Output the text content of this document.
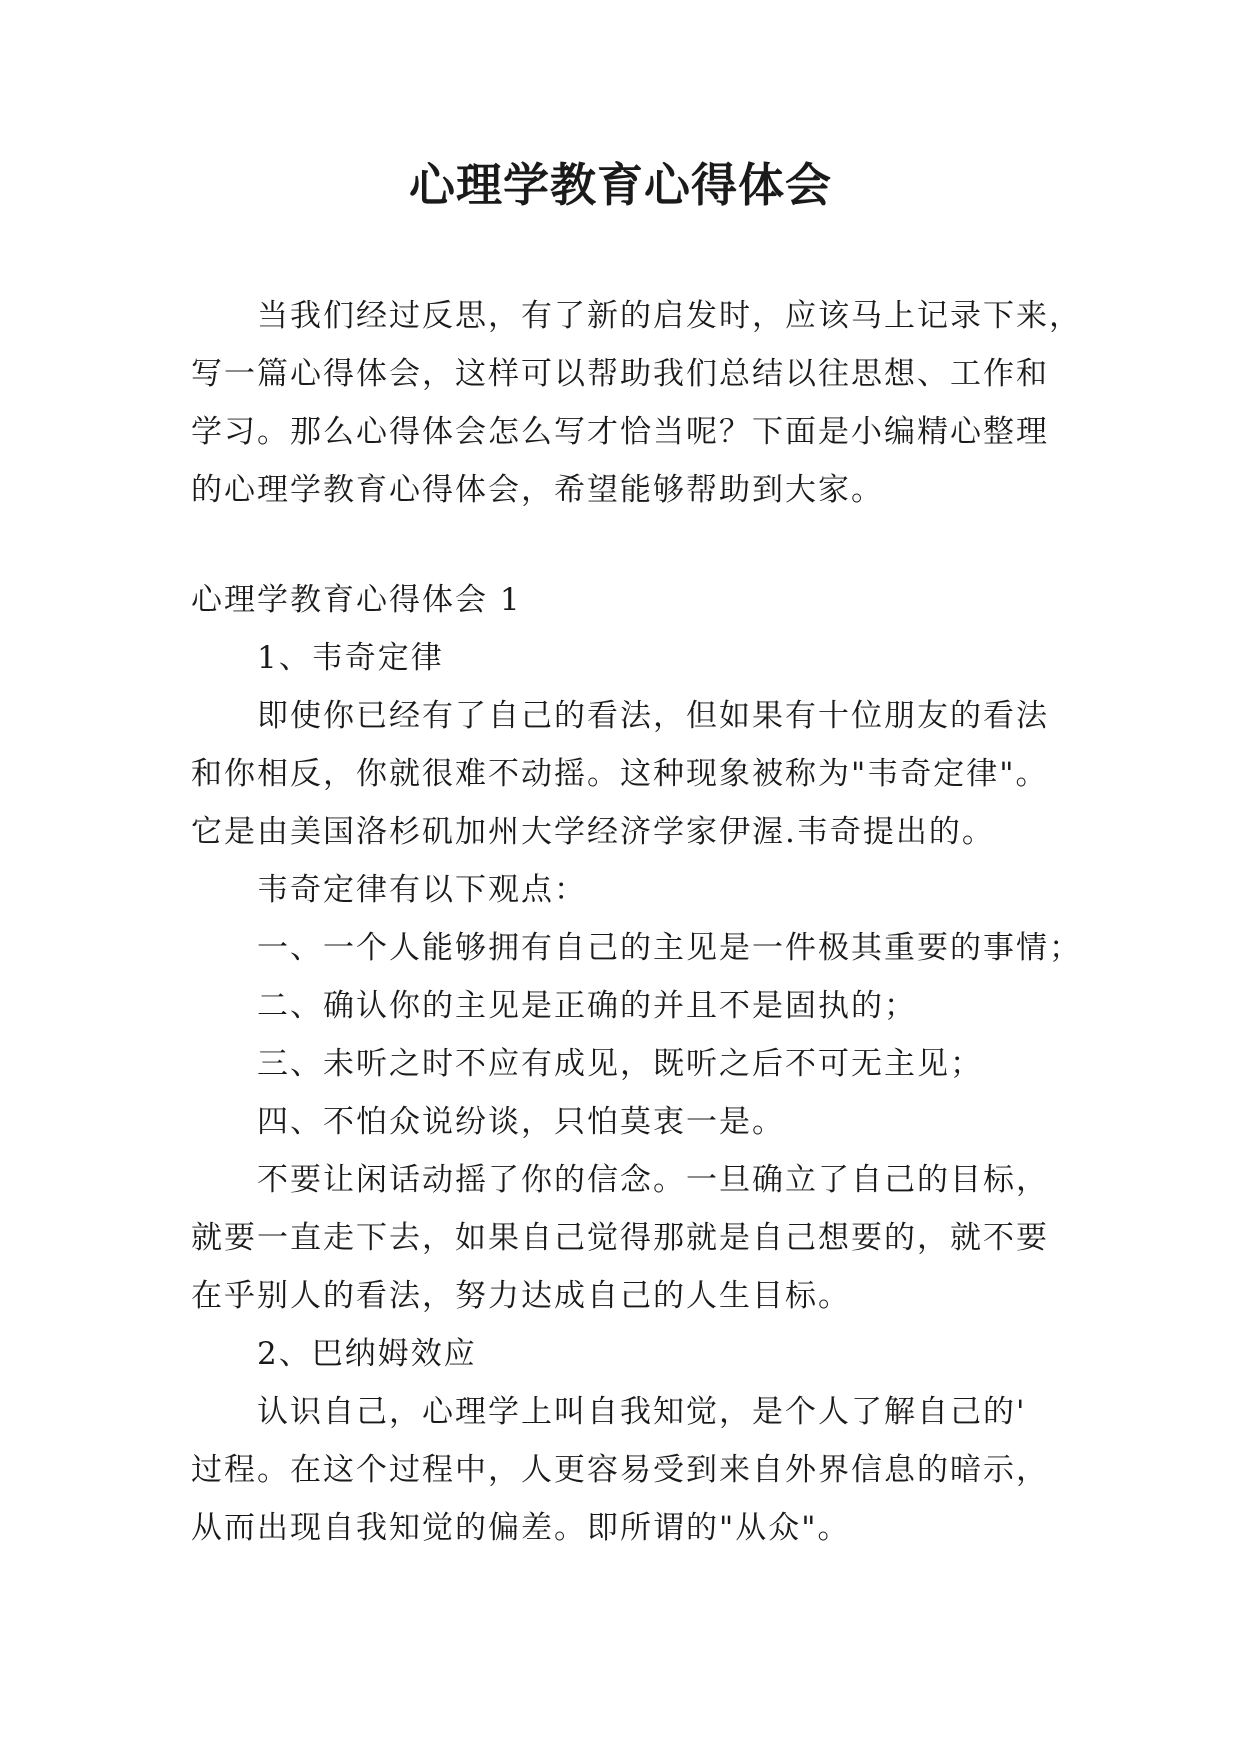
心理学教育心得体会
当我们经过反思，有了新的启发时，应该马上记录下来，
写一篇心得体会，这样可以帮助我们总结以往思想、工作和
学习。那么心得体会怎么写才恰当呢？下面是小编精心整理
的心理学教育心得体会，希望能够帮助到大家。
心理学教育心得体会 1
1、韦奇定律
即使你已经有了自己的看法，但如果有十位朋友的看法
和你相反，你就很难不动摇。这种现象被称为"韦奇定律"。
它是由美国洛杉矶加州大学经济学家伊渥.韦奇提出的。
韦奇定律有以下观点：
一、一个人能够拥有自己的主见是一件极其重要的事情；
二、确认你的主见是正确的并且不是固执的；
三、未听之时不应有成见，既听之后不可无主见；
四、不怕众说纷谈，只怕莫衷一是。
不要让闲话动摇了你的信念。一旦确立了自己的目标，
就要一直走下去，如果自己觉得那就是自己想要的，就不要
在乎别人的看法，努力达成自己的人生目标。
2、巴纳姆效应
认识自己，心理学上叫自我知觉，是个人了解自己的'
过程。在这个过程中，人更容易受到来自外界信息的暗示，
从而出现自我知觉的偏差。即所谓的"从众"。
